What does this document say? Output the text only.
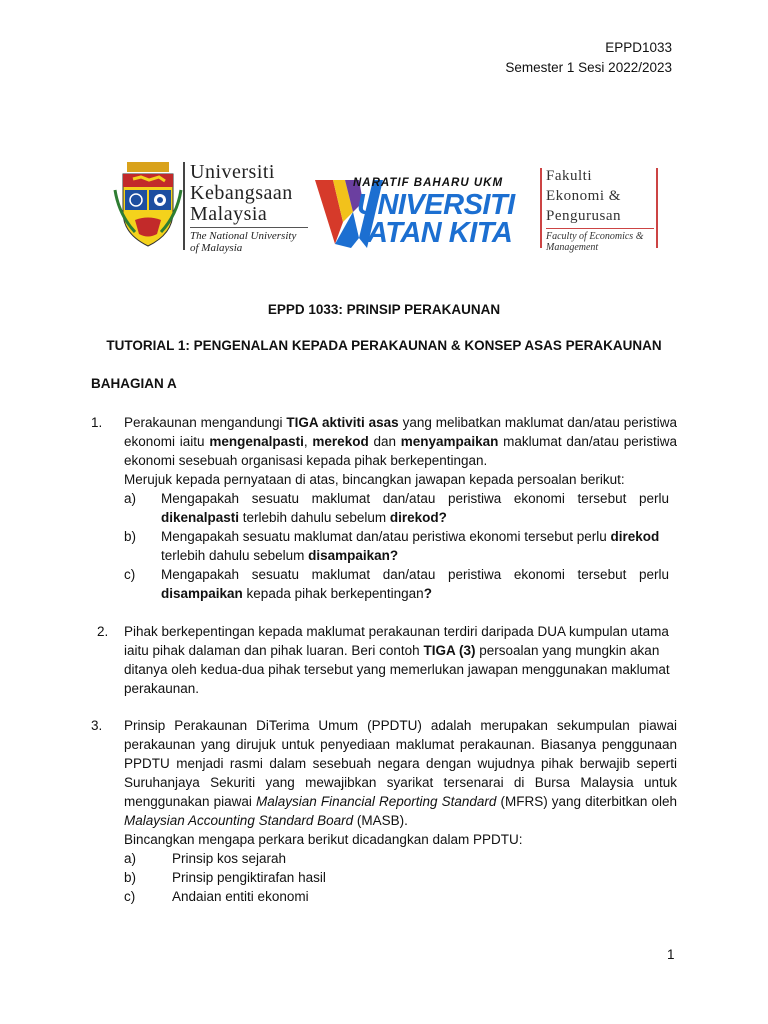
EPPD1033
Semester 1 Sesi 2022/2023
Universiti
Kebangsaan
Malaysia
The National University
of Malaysia
NARATIF BAHARU UKM
UNIVERSITI
ATAN KITA
Fakulti
Ekonomi &
Pengurusan
Faculty of Economics &
Management
EPPD 1033: PRINSIP PERAKAUNAN
TUTORIAL 1: PENGENALAN KEPADA PERAKAUNAN & KONSEP ASAS PERAKAUNAN
BAHAGIAN A
1.	Perakaunan mengandungi TIGA aktiviti asas yang melibatkan maklumat dan/atau peristiwa ekonomi iaitu mengenalpasti, merekod dan menyampaikan maklumat dan/atau peristiwa ekonomi sesebuah organisasi kepada pihak berkepentingan.
Merujuk kepada pernyataan di atas, bincangkan jawapan kepada persoalan berikut:
a) Mengapakah sesuatu maklumat dan/atau peristiwa ekonomi tersebut perlu dikenalpasti terlebih dahulu sebelum direkod?
b) Mengapakah sesuatu maklumat dan/atau peristiwa ekonomi tersebut perlu direkod terlebih dahulu sebelum disampaikan?
c) Mengapakah sesuatu maklumat dan/atau peristiwa ekonomi tersebut perlu disampaikan kepada pihak berkepentingan?
2.	Pihak berkepentingan kepada maklumat perakaunan terdiri daripada DUA kumpulan utama iaitu pihak dalaman dan pihak luaran. Beri contoh TIGA (3) persoalan yang mungkin akan ditanya oleh kedua-dua pihak tersebut yang memerlukan jawapan menggunakan maklumat perakaunan.
3.	Prinsip Perakaunan DiTerima Umum (PPDTU) adalah merupakan sekumpulan piawai perakaunan yang dirujuk untuk penyediaan maklumat perakaunan. Biasanya penggunaan PPDTU menjadi rasmi dalam sesebuah negara dengan wujudnya pihak berwajib seperti Suruhanjaya Sekuriti yang mewajibkan syarikat tersenarai di Bursa Malaysia untuk menggunakan piawai Malaysian Financial Reporting Standard (MFRS) yang diterbitkan oleh Malaysian Accounting Standard Board (MASB).
Bincangkan mengapa perkara berikut dicadangkan dalam PPDTU:
a)	Prinsip kos sejarah
b)	Prinsip pengiktirafan hasil
c)	Andaian entiti ekonomi
1
